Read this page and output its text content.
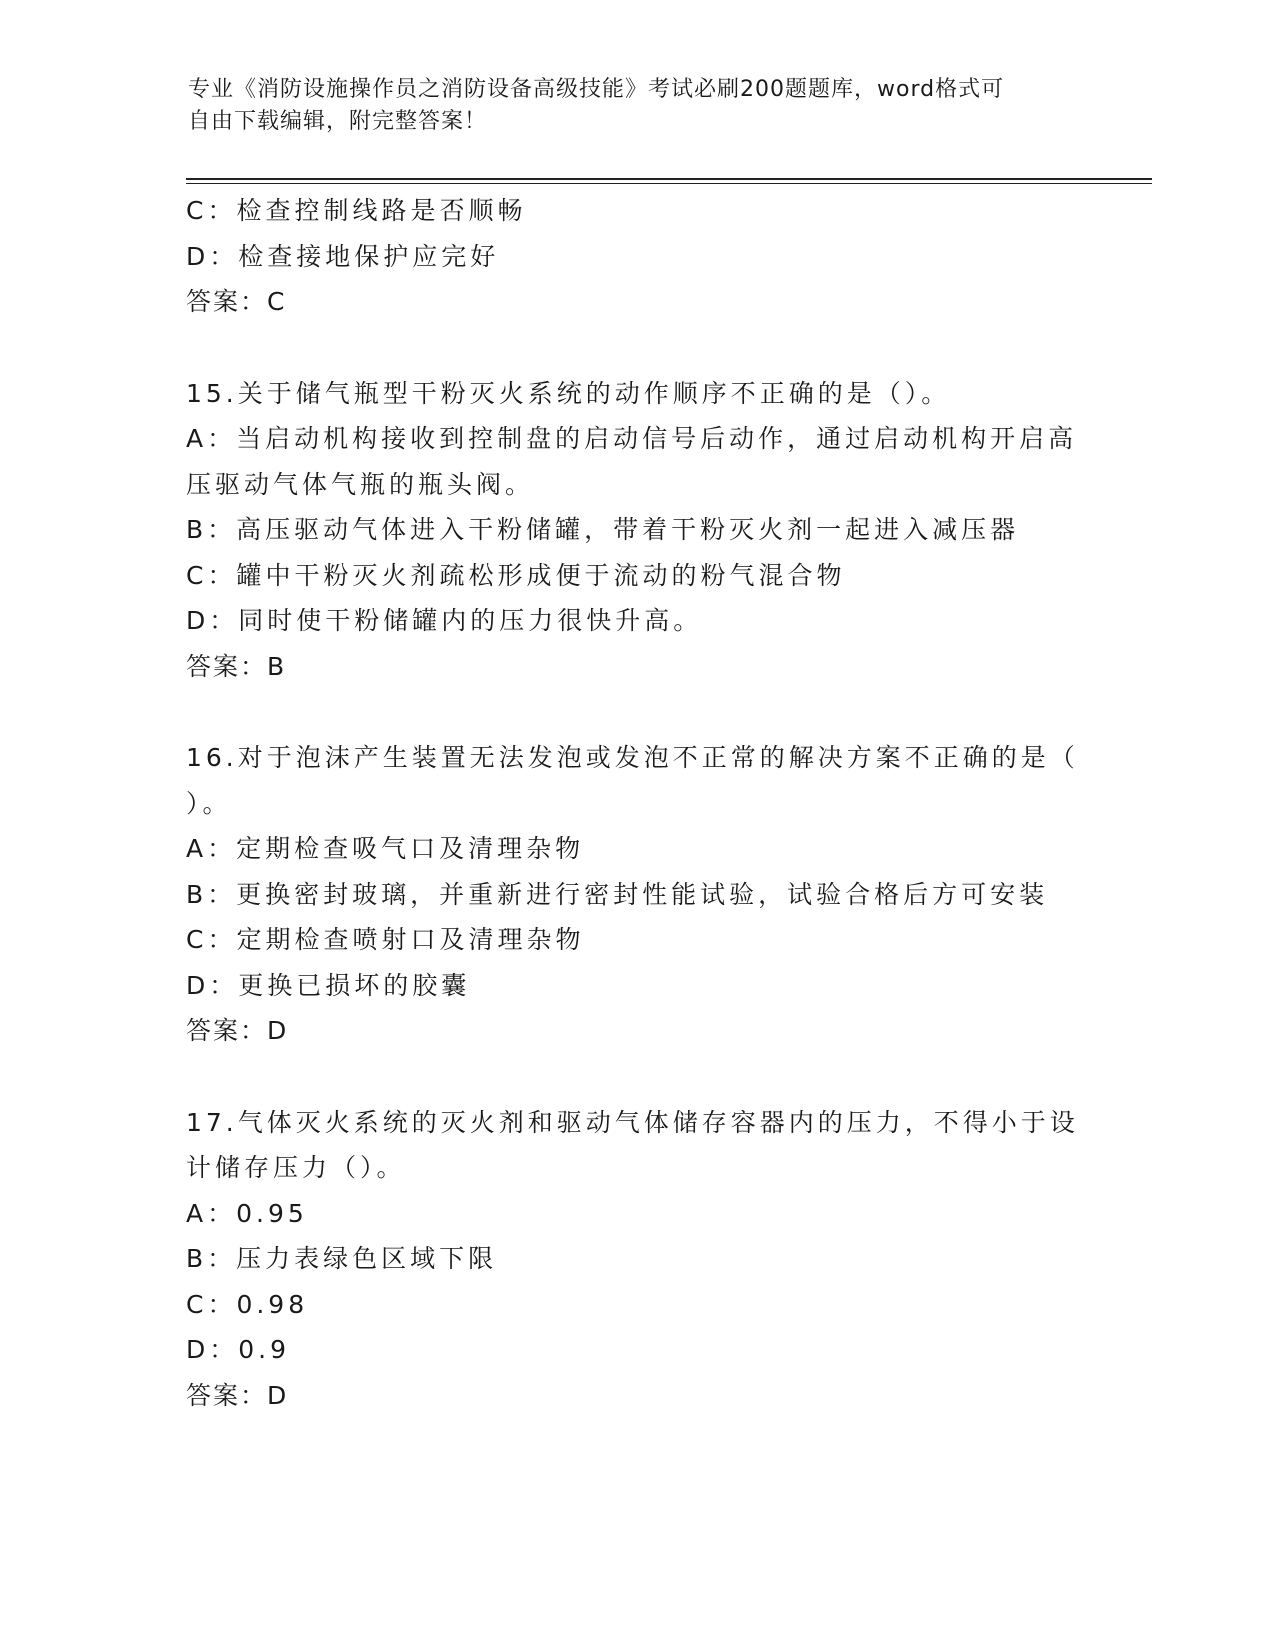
专业《消防设施操作员之消防设备高级技能》考试必刷200题题库，word格式可
自由下载编辑，附完整答案！
C：检查控制线路是否顺畅
D：检查接地保护应完好
答案：C
15.关于储气瓶型干粉灭火系统的动作顺序不正确的是（）。
A：当启动机构接收到控制盘的启动信号后动作，通过启动机构开启高
压驱动气体气瓶的瓶头阀。
B：高压驱动气体进入干粉储罐，带着干粉灭火剂一起进入减压器
C：罐中干粉灭火剂疏松形成便于流动的粉气混合物
D：同时使干粉储罐内的压力很快升高。
答案：B
16.对于泡沫产生装置无法发泡或发泡不正常的解决方案不正确的是（
）。
A：定期检查吸气口及清理杂物
B：更换密封玻璃，并重新进行密封性能试验，试验合格后方可安装
C：定期检查喷射口及清理杂物
D：更换已损坏的胶囊
答案：D
17.气体灭火系统的灭火剂和驱动气体储存容器内的压力，不得小于设
计储存压力（）。
A：0.95
B：压力表绿色区域下限
C：0.98
D：0.9
答案：D
